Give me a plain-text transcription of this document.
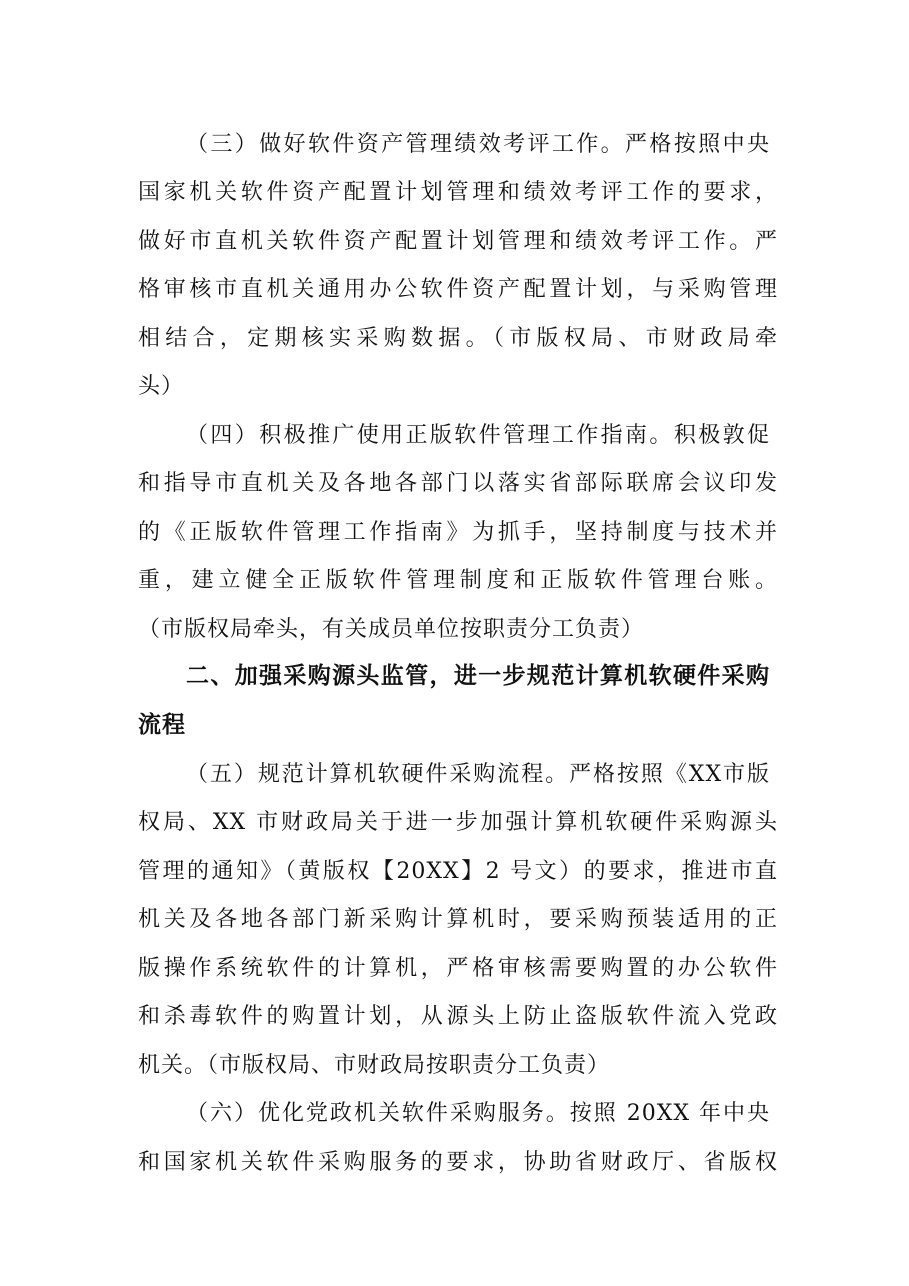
（三）做好软件资产管理绩效考评工作。严格按照中央
国家机关软件资产配置计划管理和绩效考评工作的要求，
做好市直机关软件资产配置计划管理和绩效考评工作。严
格审核市直机关通用办公软件资产配置计划，与采购管理
相结合，定期核实采购数据。（市版权局、市财政局牵
头）
（四）积极推广使用正版软件管理工作指南。积极敦促
和指导市直机关及各地各部门以落实省部际联席会议印发
的《正版软件管理工作指南》为抓手，坚持制度与技术并
重，建立健全正版软件管理制度和正版软件管理台账。
（市版权局牵头，有关成员单位按职责分工负责）
二、加强采购源头监管，进一步规范计算机软硬件采购
流程
（五）规范计算机软硬件采购流程。严格按照《XX市版
权局、XX 市财政局关于进一步加强计算机软硬件采购源头
管理的通知》（黄版权【20XX】2 号文）的要求，推进市直
机关及各地各部门新采购计算机时，要采购预装适用的正
版操作系统软件的计算机，严格审核需要购置的办公软件
和杀毒软件的购置计划，从源头上防止盗版软件流入党政
机关。（市版权局、市财政局按职责分工负责）
（六）优化党政机关软件采购服务。按照 20XX 年中央
和国家机关软件采购服务的要求，协助省财政厅、省版权
